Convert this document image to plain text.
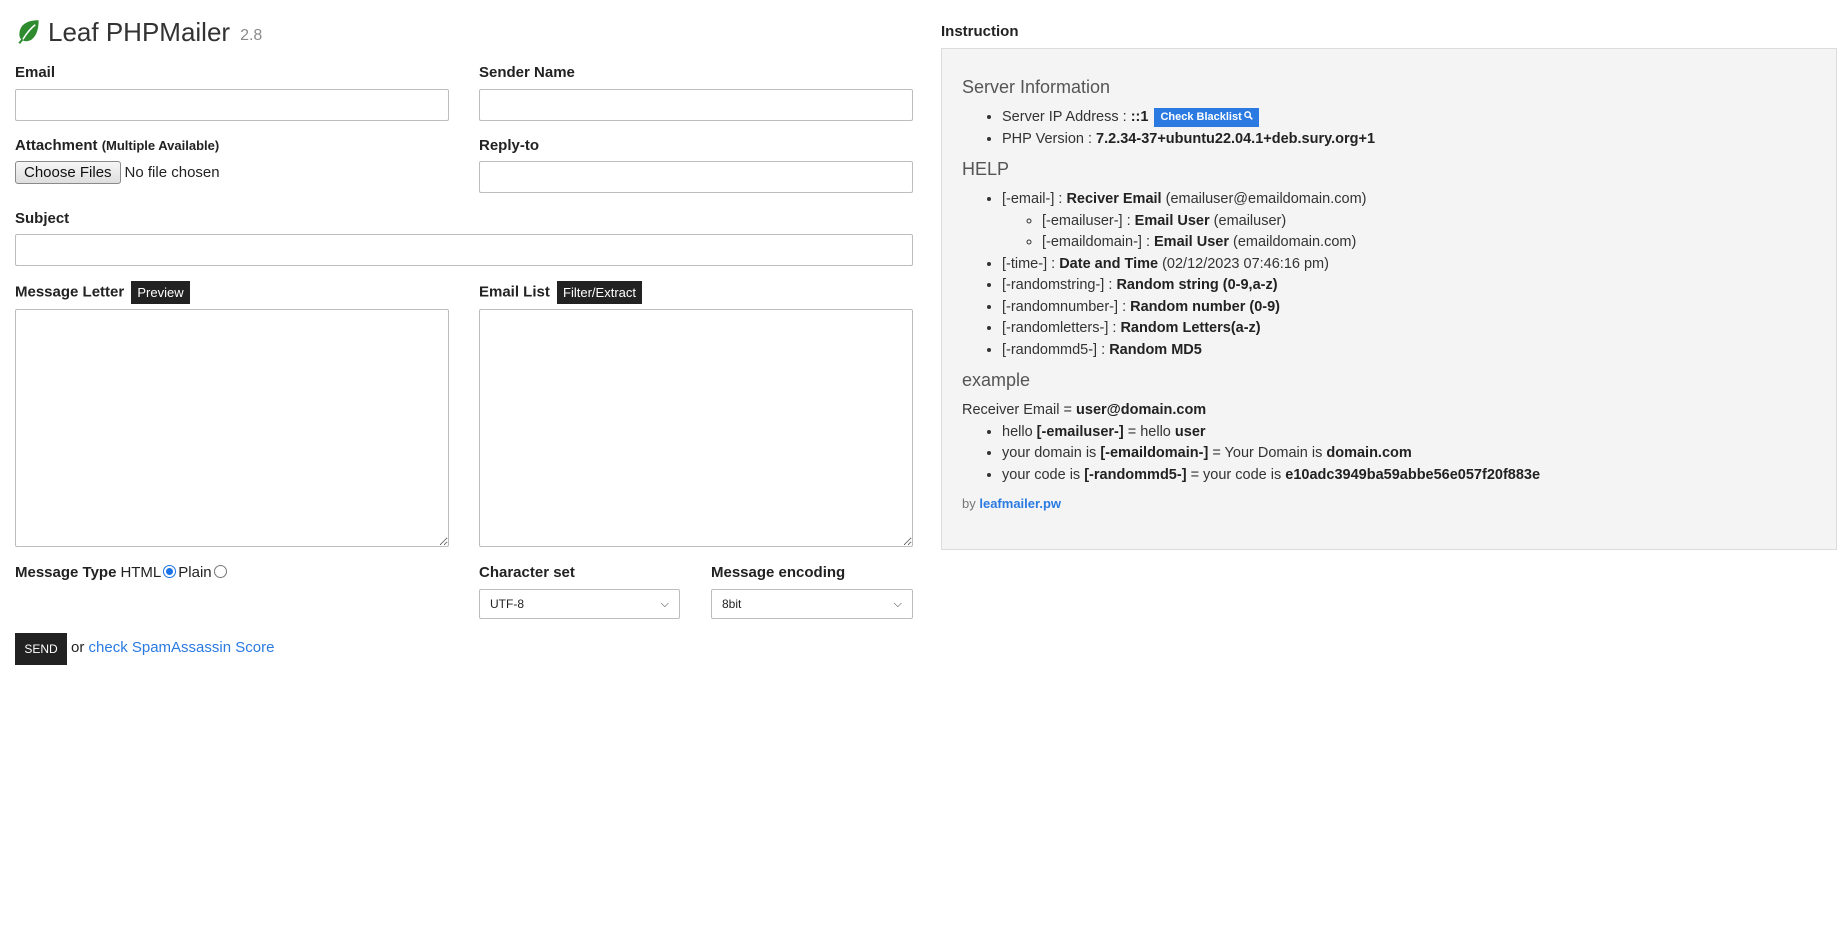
Leaf PHPMailer 2.8
Email	Sender Name
Attachment (Multiple Available)
Choose Files No file chosen
Reply-to
Subject
Message Letter Preview	Email List Filter/Extract
Message Type HTML Plain	Character set
UTF-8	⌵
Message encoding
8bit	⌵
SEND or check SpamAssassin Score
Instruction
Server Information
• Server IP Address : ::1 Check Blacklist
• PHP Version : 7.2.34-37+ubuntu22.04.1+deb.sury.org+1
HELP
• [-email-] : Reciver Email (emailuser@emaildomain.com)
◦ [-emailuser-] : Email User (emailuser)
◦ [-emaildomain-] : Email User (emaildomain.com)
• [-time-] : Date and Time (02/12/2023 07:46:16 pm)
• [-randomstring-] : Random string (0-9,a-z)
• [-randomnumber-] : Random number (0-9)
• [-randomletters-] : Random Letters(a-z)
• [-randommd5-] : Random MD5
example
Receiver Email = user@domain.com
• hello [-emailuser-] = hello user
• your domain is [-emaildomain-] = Your Domain is domain.com
• your code is [-randommd5-] = your code is e10adc3949ba59abbe56e057f20f883e
by leafmailer.pw
